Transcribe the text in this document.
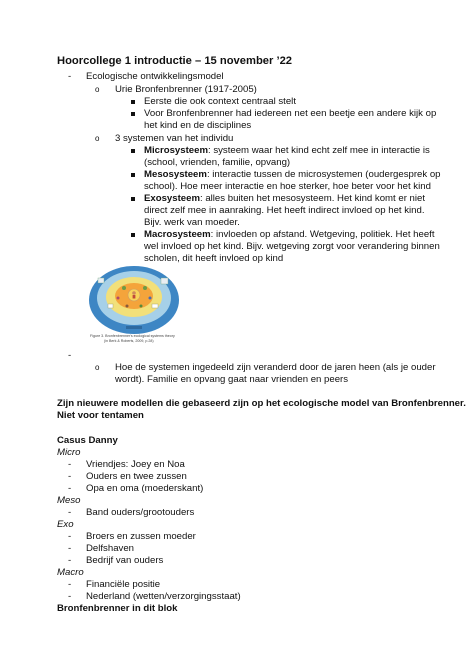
Hoorcollege 1 introductie – 15 november ’22
- Ecologische ontwikkelingsmodel
o Urie Bronfenbrenner (1917-2005)
Eerste die ook context centraal stelt
Voor Bronfenbrenner had iedereen net een beetje een andere kijk op
het kind en de disciplines
o 3 systemen van het individu
Microsysteem: systeem waar het kind echt zelf mee in interactie is
(school, vrienden, familie, opvang)
Mesosysteem: interactie tussen de microsystemen (oudergesprek op
school). Hoe meer interactie en hoe sterker, hoe beter voor het kind
Exosysteem: alles buiten het mesosysteem. Het kind komt er niet
direct zelf mee in aanraking. Het heeft indirect invloed op het kind.
Bijv. werk van moeder.
Macrosysteem: invloeden op afstand. Wetgeving, politiek. Het heeft
wel invloed op het kind. Bijv. wetgeving zorgt voor verandering binnen
scholen, dit heeft invloed op kind
Figure 3. Bronfenbrenner's ecological systems theory
(in Berk & Roberts, 2009, p.28)
-
o Hoe de systemen ingedeeld zijn veranderd door de jaren heen (als je ouder
wordt). Familie en opvang gaat naar vrienden en peers
Zijn nieuwere modellen die gebaseerd zijn op het ecologische model van Bronfenbrenner.
Niet voor tentamen
Casus Danny
Micro
- Vriendjes: Joey en Noa
- Ouders en twee zussen
- Opa en oma (moederskant)
Meso
- Band ouders/grootouders
Exo
- Broers en zussen moeder
- Delfshaven
- Bedrijf van ouders
Macro
- Financiële positie
- Nederland (wetten/verzorgingsstaat)
Bronfenbrenner in dit blok
